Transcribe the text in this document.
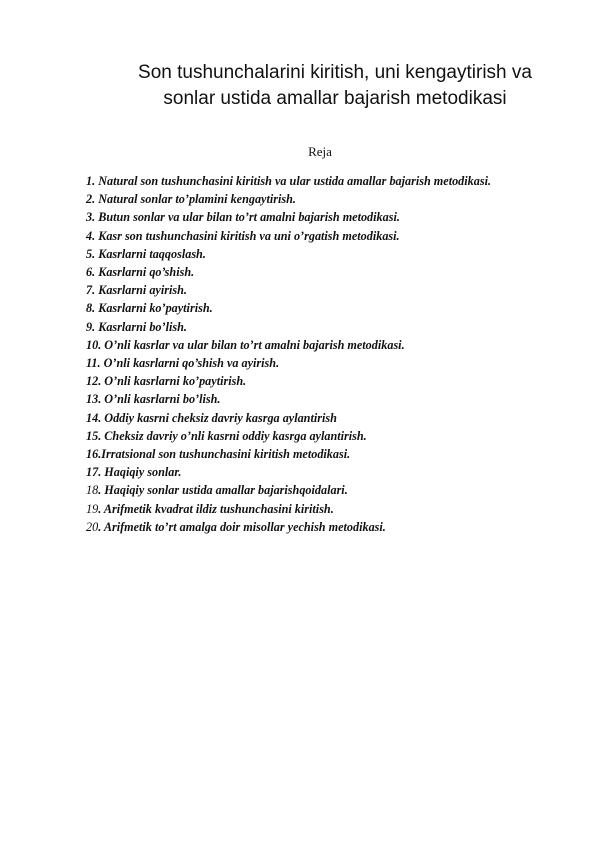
Son tushunchalarini kiritish, uni kengaytirish va
sonlar ustida amallar bajarish metodikasi
Reja
1. Natural son tushunchasini kiritish va ular ustida amallar bajarish metodikasi.
2. Natural sonlar to’plamini kengaytirish.
3. Butun sonlar va ular bilan to’rt amalni bajarish metodikasi.
4. Kasr son tushunchasini kiritish va uni o’rgatish metodikasi.
5. Kasrlarni taqqoslash.
6. Kasrlarni qo’shish.
7. Kasrlarni ayirish.
8. Kasrlarni ko’paytirish.
9. Kasrlarni bo’lish.
10. O’nli kasrlar va ular bilan to’rt amalni bajarish metodikasi.
11. O’nli kasrlarni qo’shish va ayirish.
12. O’nli kasrlarni ko’paytirish.
13. O’nli kasrlarni bo’lish.
14. Oddiy kasrni cheksiz davriy kasrga aylantirish
15. Cheksiz davriy o’nli kasrni oddiy kasrga aylantirish.
16.Irratsional son tushunchasini kiritish metodikasi.
17. Haqiqiy sonlar.
18. Haqiqiy sonlar ustida amallar bajarishqoidalari.
19. Arifmetik kvadrat ildiz tushunchasini kiritish.
20. Arifmetik to’rt amalga doir misollar yechish metodikasi.
